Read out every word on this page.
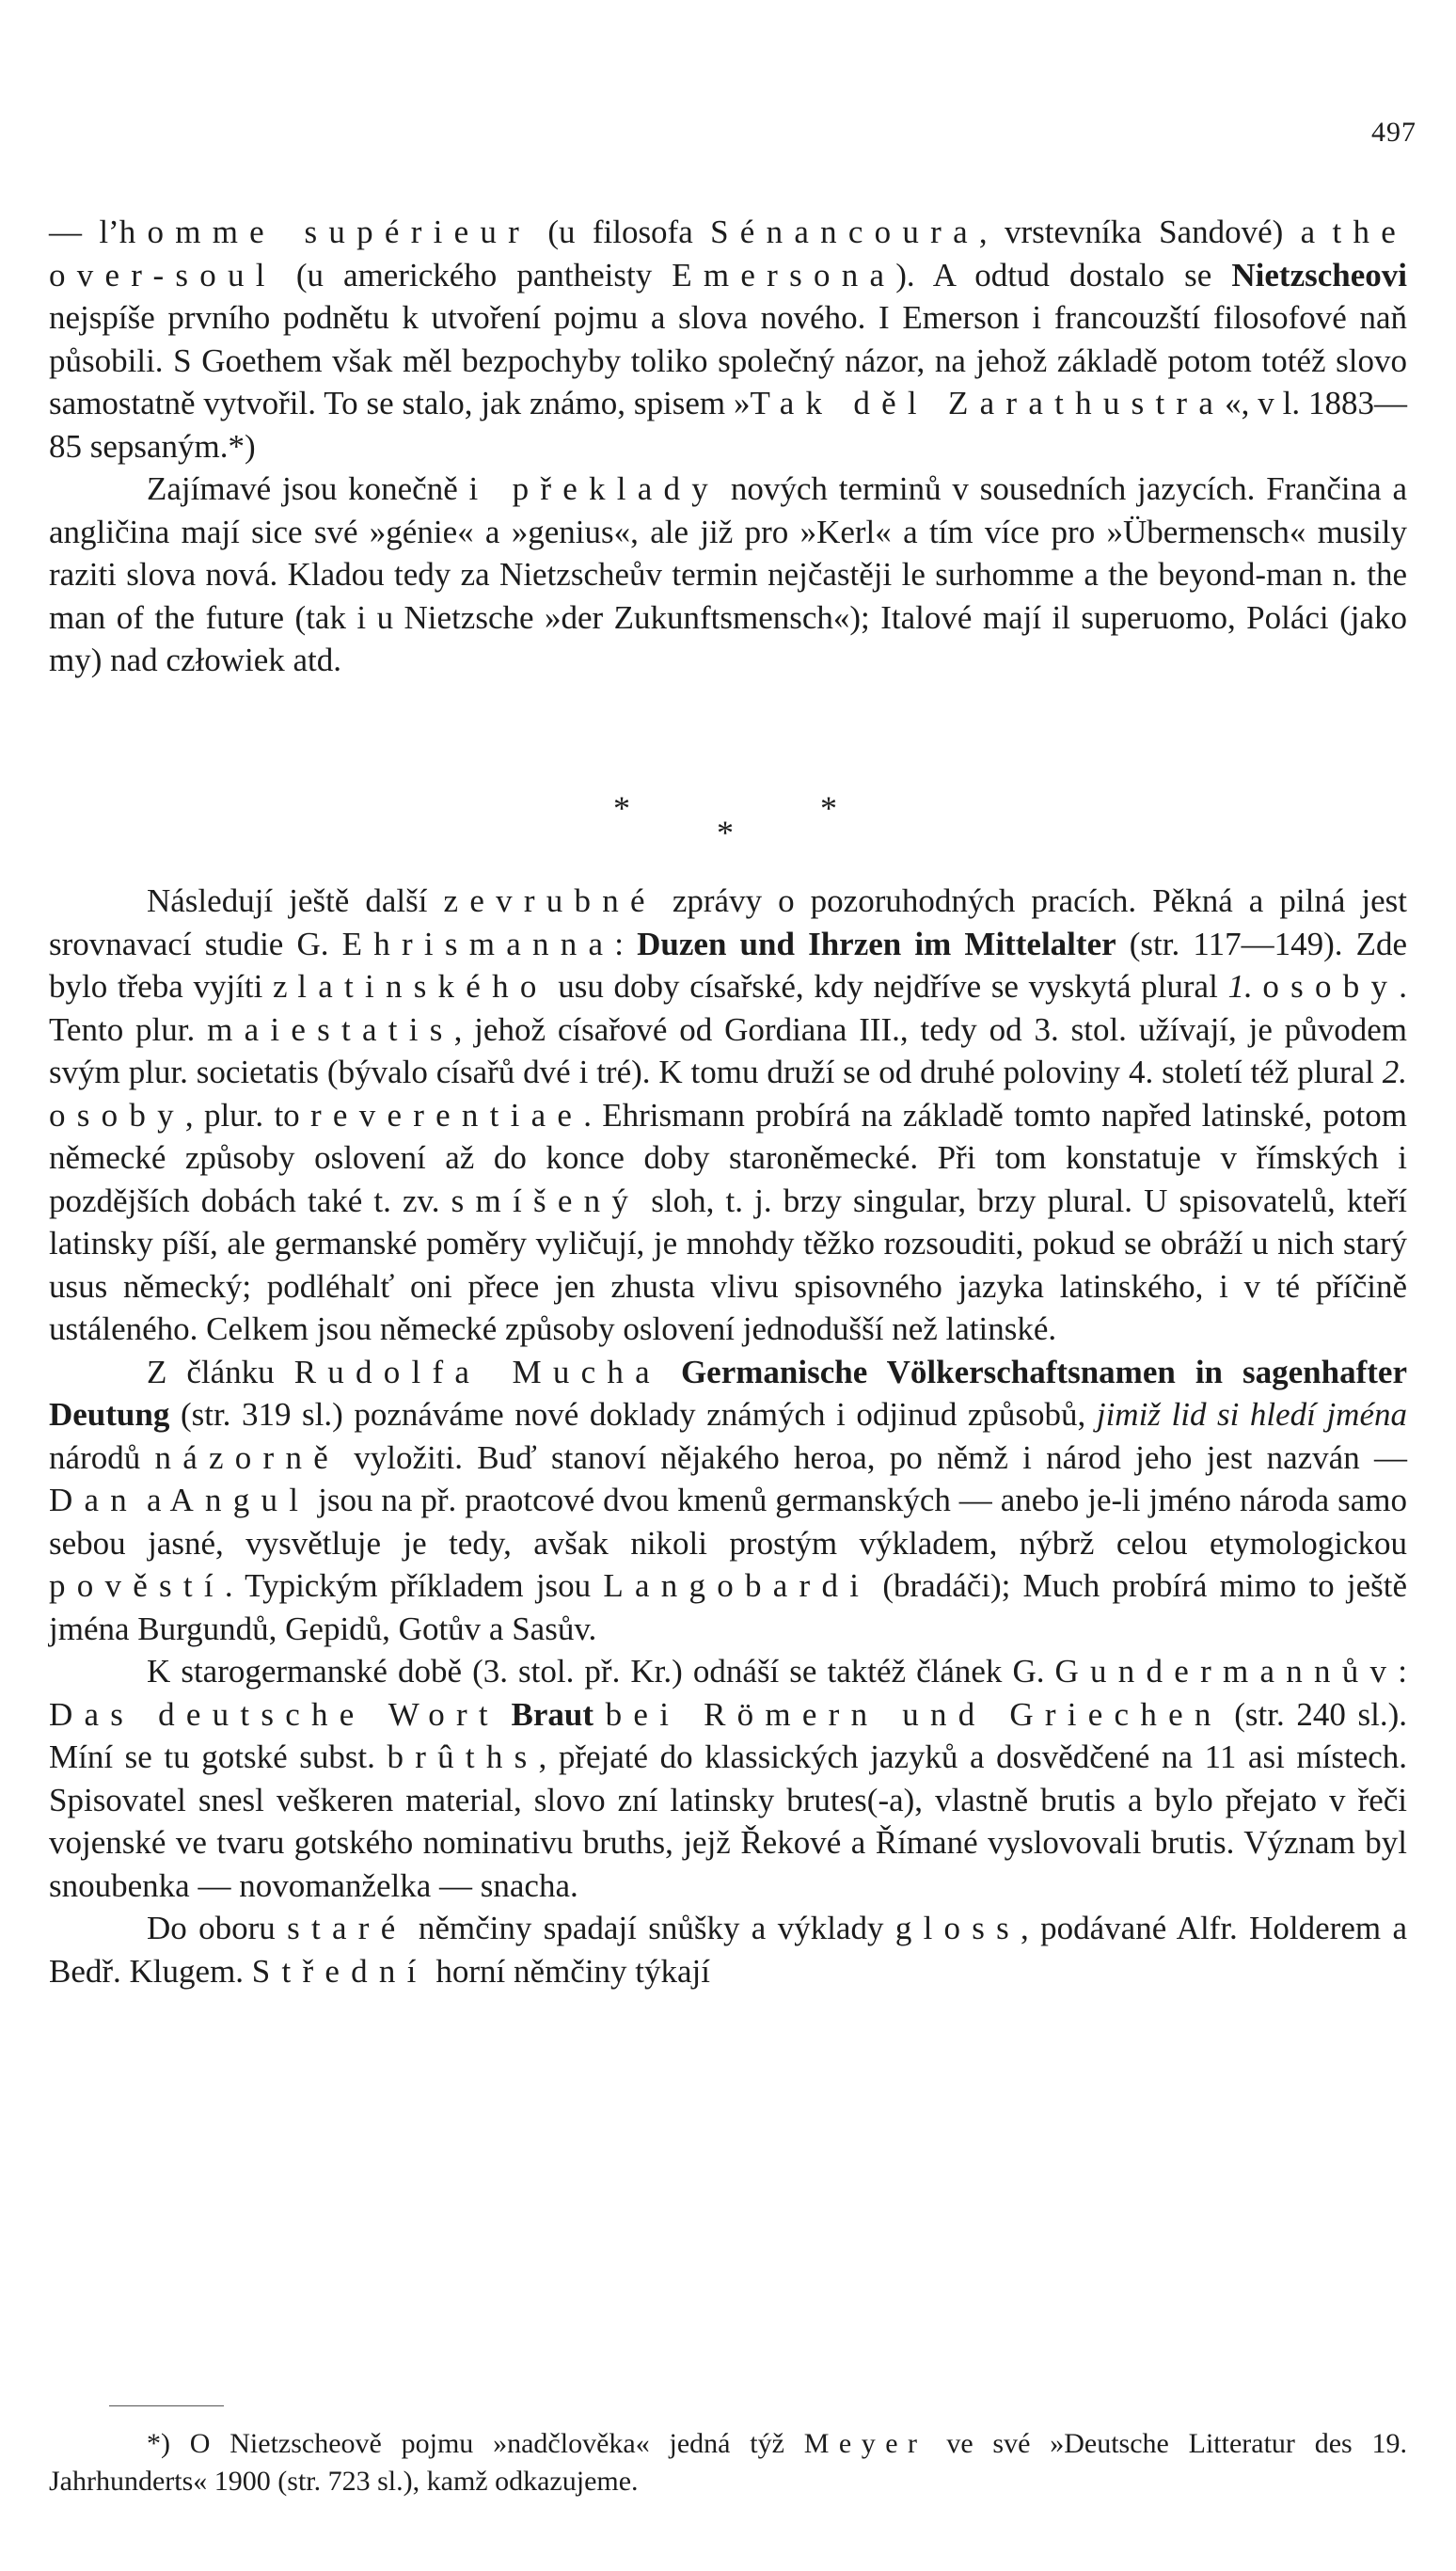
497

— l’homme supérieur (u filosofa Sénancoura, vrstevníka Sandové) a the over-soul (u amerického pantheisty Emersona). A odtud dostalo se Nietzscheovi nejspíše prvního podnětu k utvoření pojmu a slova nového. I Emerson i francouzští filosofové naň působili. S Goethem však měl bezpochyby toliko společný názor, na jehož základě potom totéž slovo samostatně vytvořil. To se stalo, jak známo, spisem »Tak děl Zarathustra«, v l. 1883—85 sepsaným.*)

Zajímavé jsou konečně i překlady nových terminů v sousedních jazycích. Frančina a angličina mají sice své »génie« a »genius«, ale již pro »Kerl« a tím více pro »Übermensch« musily raziti slova nová. Kladou tedy za Nietzscheův termin nejčastěji le surhomme a the beyond-man n. the man of the future (tak i u Nietzsche »der Zukunftsmensch«); Italové mají il superuomo, Poláci (jako my) nad człowiek atd.

*	*
*

Následují ještě další zevrubné zprávy o pozoruhodných pracích. Pěkná a pilná jest srovnavací studie G. Ehrismanna: Duzen und Ihrzen im Mittelalter (str. 117—149). Zde bylo třeba vyjíti z latinského usu doby císařské, kdy nejdříve se vyskytá plural 1. osoby. Tento plur. maiestatis, jehož císařové od Gordiana III., tedy od 3. stol. užívají, je původem svým plur. societatis (bývalo císařů dvé i tré). K tomu druží se od druhé poloviny 4. století též plural 2. osoby, plur. to reverentiae. Ehrismann probírá na základě tomto napřed latinské, potom německé způsoby oslovení až do konce doby staroněmecké. Při tom konstatuje v římských i pozdějších dobách také t. zv. smíšený sloh, t. j. brzy singular, brzy plural. U spisovatelů, kteří latinsky píší, ale germanské poměry vyličují, je mnohdy těžko rozsouditi, pokud se obráží u nich starý usus německý; podléhalť oni přece jen zhusta vlivu spisovného jazyka latinského, i v té příčině ustáleného. Celkem jsou německé způsoby oslovení jednodušší než latinské.

Z článku Rudolfa Mucha Germanische Völkerschaftsnamen in sagenhafter Deutung (str. 319 sl.) poznáváme nové doklady známých i odjinud způsobů, jimiž lid si hledí jména národů názorně vyložiti. Buď stanoví nějakého heroa, po němž i národ jeho jest nazván — Dan a Angul jsou na př. praotcové dvou kmenů germanských — anebo je-li jméno národa samo sebou jasné, vysvětluje je tedy, avšak nikoli prostým výkladem, nýbrž celou etymologickou pověstí. Typickým příkladem jsou Langobardi (bradáči); Much probírá mimo to ještě jména Burgundů, Gepidů, Gotův a Sasův.

K starogermanské době (3. stol. př. Kr.) odnáší se taktéž článek G. Gundermannův: Das deutsche Wort Braut bei Römern und Griechen (str. 240 sl.). Míní se tu gotské subst. brûths, přejaté do klassických jazyků a dosvědčené na 11 asi místech. Spisovatel snesl veškeren material, slovo zní latinsky brutes(-a), vlastně brutis a bylo přejato v řeči vojenské ve tvaru gotského nominativu bruths, jejž Řekové a Římané vyslovovali brutis. Význam byl snoubenka — novomanželka — snacha.

Do oboru staré němčiny spadají snůšky a výklady gloss, podávané Alfr. Holderem a Bedř. Klugem. Střední horní němčiny týkají

*) O Nietzscheově pojmu »nadčlověka« jedná týž Meyer ve své »Deutsche Litteratur des 19. Jahrhunderts« 1900 (str. 723 sl.), kamž odkazujeme.
